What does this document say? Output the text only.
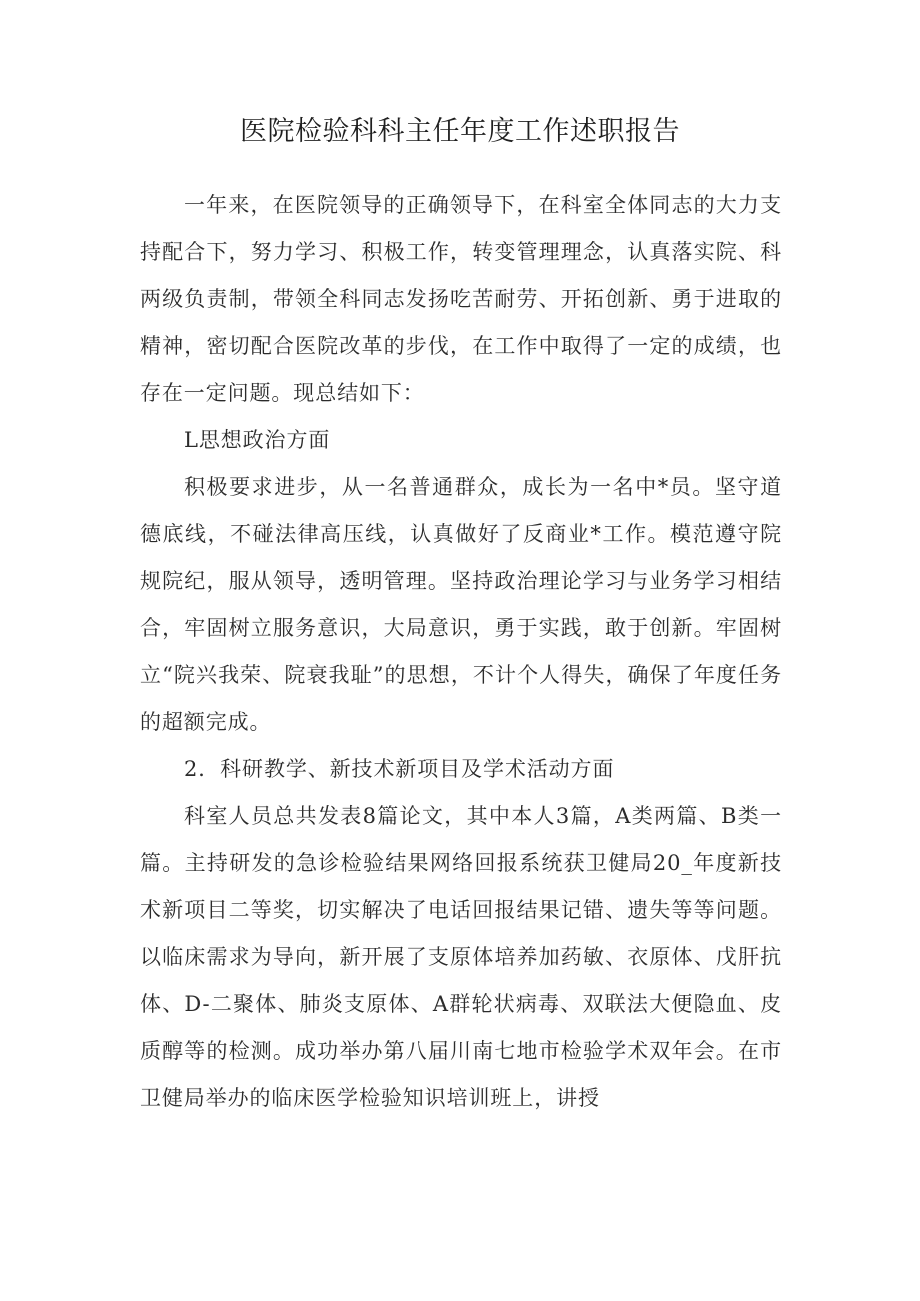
医院检验科科主任年度工作述职报告

一年来，在医院领导的正确领导下，在科室全体同志的大力支持配合下，努力学习、积极工作，转变管理理念，认真落实院、科两级负责制，带领全科同志发扬吃苦耐劳、开拓创新、勇于进取的精神，密切配合医院改革的步伐，在工作中取得了一定的成绩，也存在一定问题。现总结如下：

L思想政治方面

积极要求进步，从一名普通群众，成长为一名中*员。坚守道德底线，不碰法律高压线，认真做好了反商业*工作。模范遵守院规院纪，服从领导，透明管理。坚持政治理论学习与业务学习相结合，牢固树立服务意识，大局意识，勇于实践，敢于创新。牢固树立“院兴我荣、院衰我耻”的思想，不计个人得失，确保了年度任务的超额完成。

2．科研教学、新技术新项目及学术活动方面

科室人员总共发表8篇论文，其中本人3篇，A类两篇、B类一篇。主持研发的急诊检验结果网络回报系统获卫健局20_年度新技术新项目二等奖，切实解决了电话回报结果记错、遗失等等问题。以临床需求为导向，新开展了支原体培养加药敏、衣原体、戊肝抗体、D-二聚体、肺炎支原体、A群轮状病毒、双联法大便隐血、皮质醇等的检测。成功举办第八届川南七地市检验学术双年会。在市卫健局举办的临床医学检验知识培训班上，讲授
